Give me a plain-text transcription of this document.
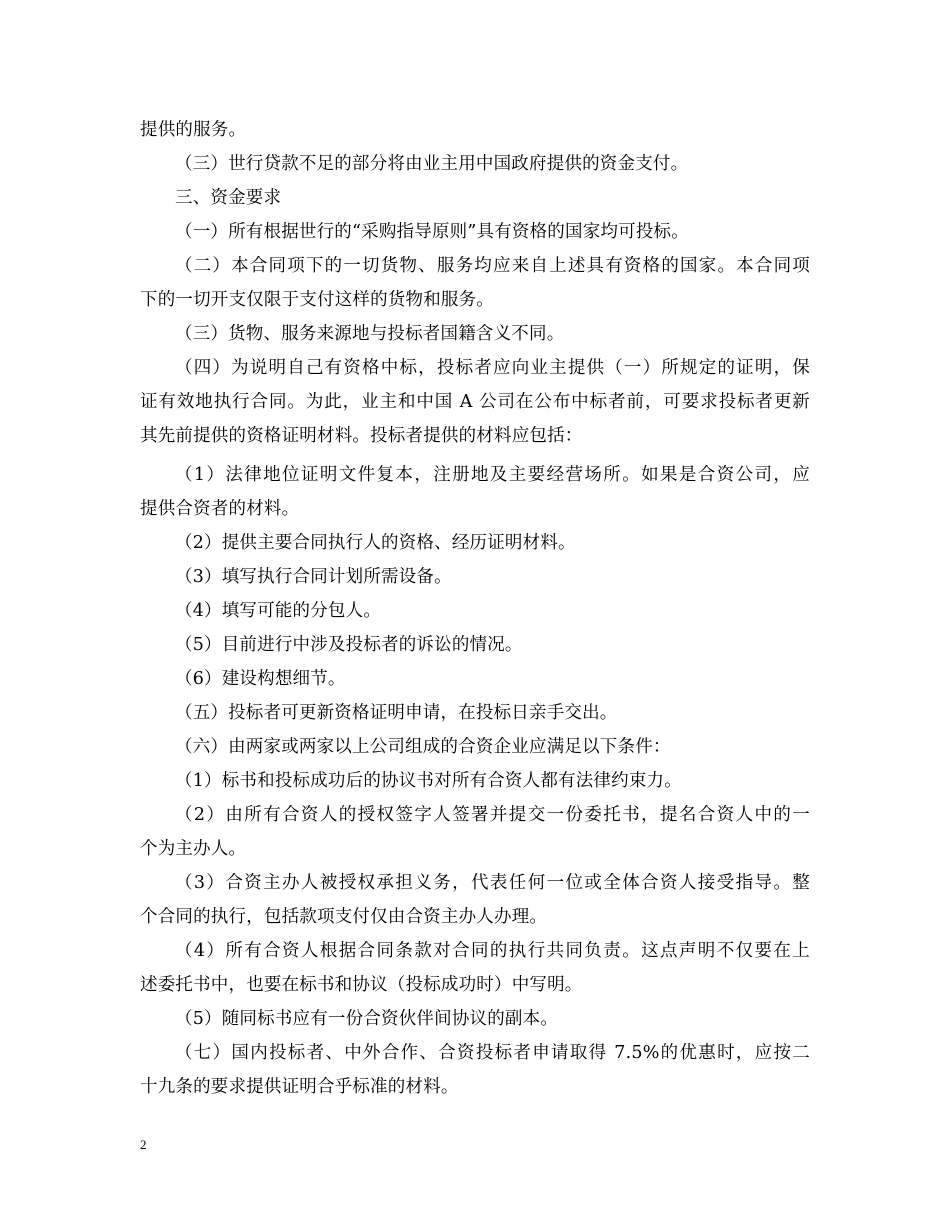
提供的服务。
（三）世行贷款不足的部分将由业主用中国政府提供的资金支付。
三、资金要求
（一）所有根据世行的“采购指导原则”具有资格的国家均可投标。
（二）本合同项下的一切货物、服务均应来自上述具有资格的国家。本合同项
下的一切开支仅限于支付这样的货物和服务。
（三）货物、服务来源地与投标者国籍含义不同。
（四）为说明自己有资格中标，投标者应向业主提供（一）所规定的证明，保
证有效地执行合同。为此，业主和中国 A 公司在公布中标者前，可要求投标者更新
其先前提供的资格证明材料。投标者提供的材料应包括：
（1）法律地位证明文件复本，注册地及主要经营场所。如果是合资公司，应
提供合资者的材料。
（2）提供主要合同执行人的资格、经历证明材料。
（3）填写执行合同计划所需设备。
（4）填写可能的分包人。
（5）目前进行中涉及投标者的诉讼的情况。
（6）建设构想细节。
（五）投标者可更新资格证明申请，在投标日亲手交出。
（六）由两家或两家以上公司组成的合资企业应满足以下条件：
（1）标书和投标成功后的协议书对所有合资人都有法律约束力。
（2）由所有合资人的授权签字人签署并提交一份委托书，提名合资人中的一
个为主办人。
（3）合资主办人被授权承担义务，代表任何一位或全体合资人接受指导。整
个合同的执行，包括款项支付仅由合资主办人办理。
（4）所有合资人根据合同条款对合同的执行共同负责。这点声明不仅要在上
述委托书中，也要在标书和协议（投标成功时）中写明。
（5）随同标书应有一份合资伙伴间协议的副本。
（七）国内投标者、中外合作、合资投标者申请取得 7.5%的优惠时，应按二
十九条的要求提供证明合乎标准的材料。
2
